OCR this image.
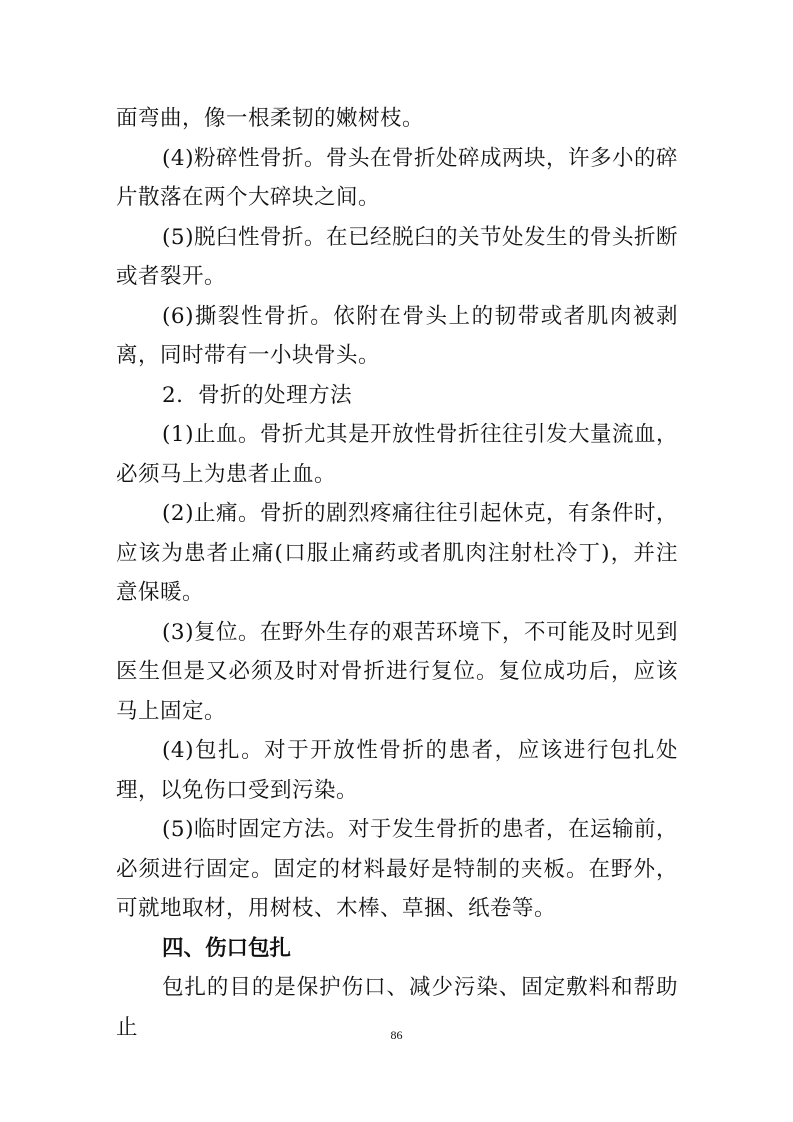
面弯曲，像一根柔韧的嫩树枝。

(4)粉碎性骨折。骨头在骨折处碎成两块，许多小的碎片散落在两个大碎块之间。

(5)脱臼性骨折。在已经脱臼的关节处发生的骨头折断或者裂开。

(6)撕裂性骨折。依附在骨头上的韧带或者肌肉被剥离，同时带有一小块骨头。

2.  骨折的处理方法

(1)止血。骨折尤其是开放性骨折往往引发大量流血，必须马上为患者止血。

(2)止痛。骨折的剧烈疼痛往往引起休克，有条件时，应该为患者止痛(口服止痛药或者肌肉注射杜冷丁)，并注意保暖。

(3)复位。在野外生存的艰苦环境下，不可能及时见到医生但是又必须及时对骨折进行复位。复位成功后，应该马上固定。

(4)包扎。对于开放性骨折的患者，应该进行包扎处理，以免伤口受到污染。

(5)临时固定方法。对于发生骨折的患者，在运输前，必须进行固定。固定的材料最好是特制的夹板。在野外，可就地取材，用树枝、木棒、草捆、纸卷等。

四、伤口包扎

包扎的目的是保护伤口、减少污染、固定敷料和帮助止	86
